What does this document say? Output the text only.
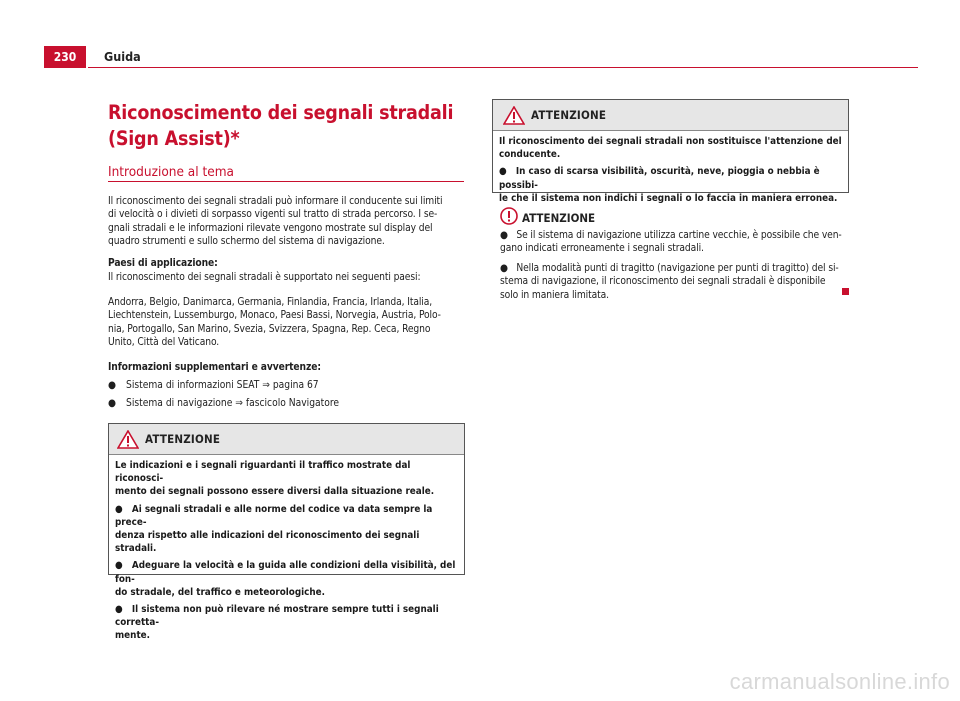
230	Guida
Riconoscimento dei segnali stradali
(Sign Assist)*
Introduzione al tema
Il riconoscimento dei segnali stradali può informare il conducente sui limiti
di velocità o i divieti di sorpasso vigenti sul tratto di strada percorso. I se-
gnali stradali e le informazioni rilevate vengono mostrate sul display del
quadro strumenti e sullo schermo del sistema di navigazione.
Paesi di applicazione:
Il riconoscimento dei segnali stradali è supportato nei seguenti paesi:
Andorra, Belgio, Danimarca, Germania, Finlandia, Francia, Irlanda, Italia,
Liechtenstein, Lussemburgo, Monaco, Paesi Bassi, Norvegia, Austria, Polo-
nia, Portogallo, San Marino, Svezia, Svizzera, Spagna, Rep. Ceca, Regno
Unito, Città del Vaticano.
Informazioni supplementari e avvertenze:
● Sistema di informazioni SEAT ⇒ pagina 67
● Sistema di navigazione ⇒ fascicolo Navigatore
ATTENZIONE

Le indicazioni e i segnali riguardanti il traffico mostrate dal riconosci-
mento dei segnali possono essere diversi dalla situazione reale.

●   Ai segnali stradali e alle norme del codice va data sempre la prece-
denza rispetto alle indicazioni del riconoscimento dei segnali stradali.

●   Adeguare la velocità e la guida alle condizioni della visibilità, del fon-
do stradale, del traffico e meteorologiche.

●   Il sistema non può rilevare né mostrare sempre tutti i segnali corretta-
mente.

ATTENZIONE

Il riconoscimento dei segnali stradali non sostituisce l'attenzione del
conducente.

●   In caso di scarsa visibilità, oscurità, neve, pioggia o nebbia è possibi-
le che il sistema non indichi i segnali o lo faccia in maniera erronea.

ATTENZIONE
●   Se il sistema di navigazione utilizza cartine vecchie, è possibile che ven-
gano indicati erroneamente i segnali stradali.
●   Nella modalità punti di tragitto (navigazione per punti di tragitto) del si-
stema di navigazione, il riconoscimento dei segnali stradali è disponibile
solo in maniera limitata.
carmanualsonline.info
